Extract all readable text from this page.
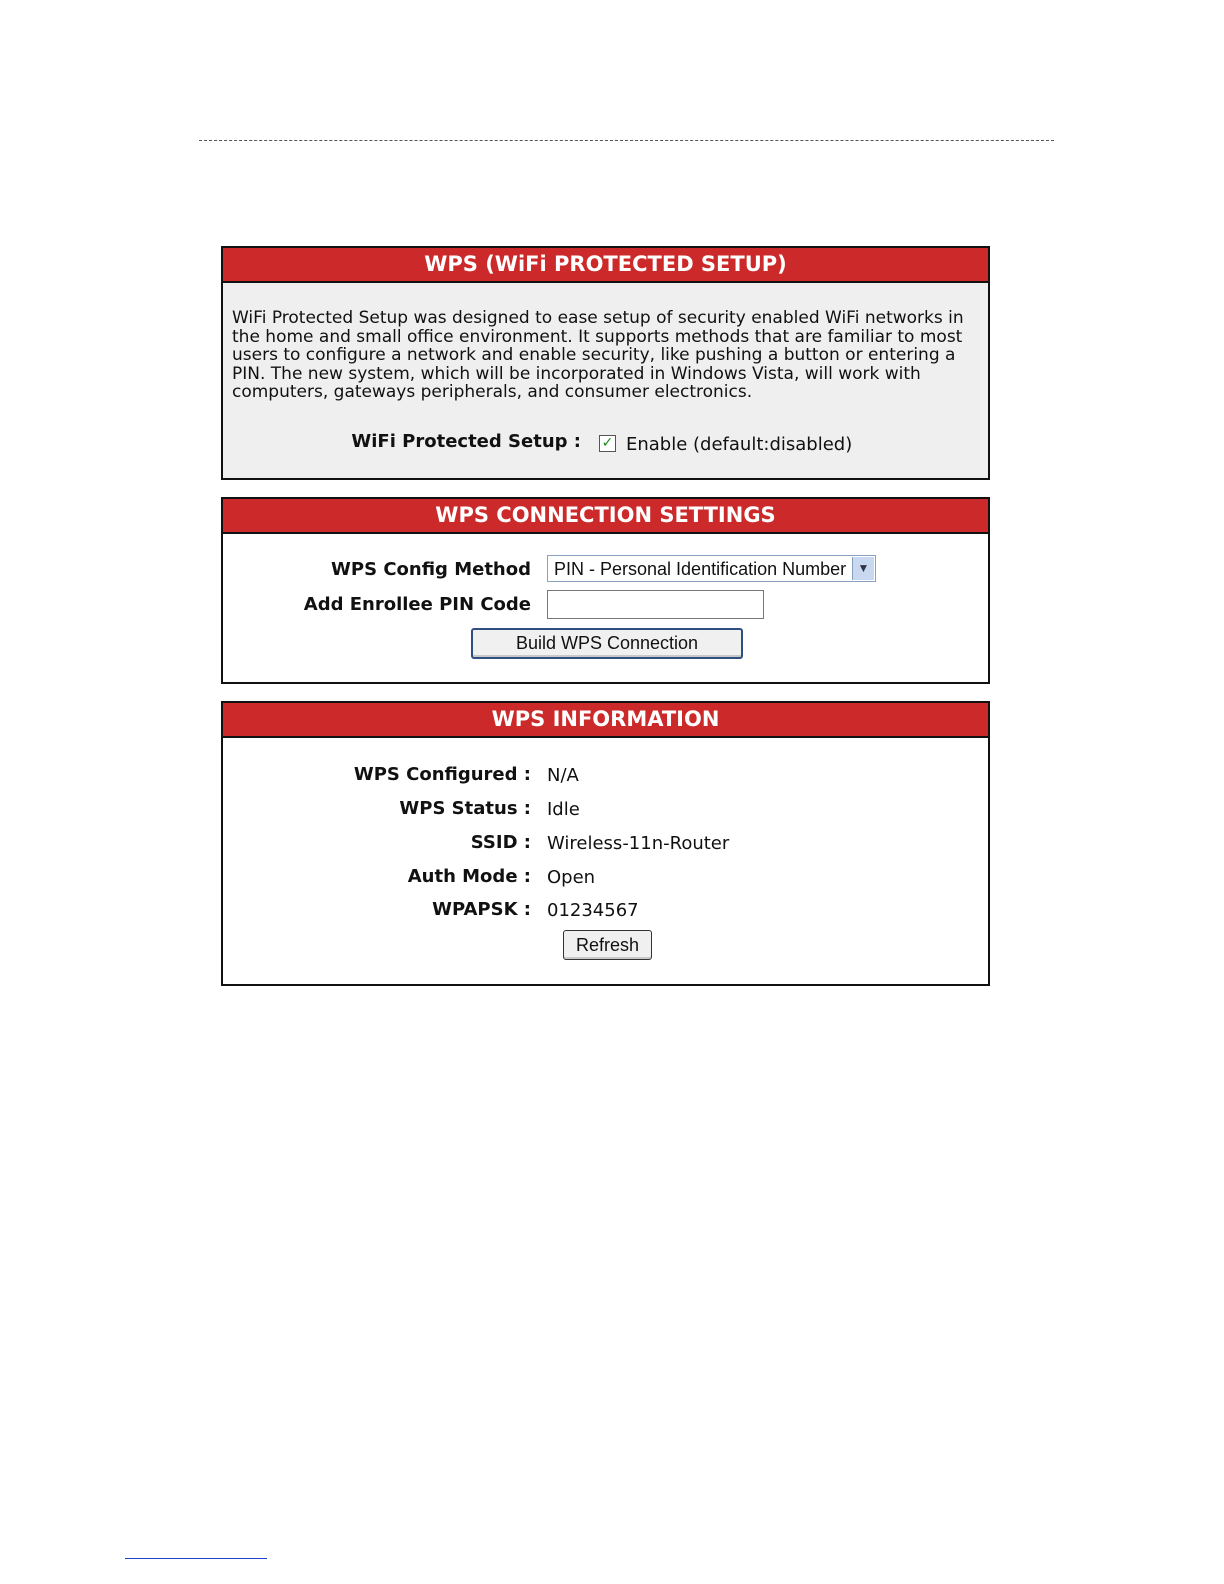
WPS (WiFi PROTECTED SETUP)

WiFi Protected Setup was designed to ease setup of security enabled WiFi networks in the home and small office environment. It supports methods that are familiar to most users to configure a network and enable security, like pushing a button or entering a PIN. The new system, which will be incorporated in Windows Vista, will work with computers, gateways peripherals, and consumer electronics.

WiFi Protected Setup : ✓ Enable (default:disabled)
WPS CONNECTION SETTINGS
WPS Config Method PIN - Personal Identification Number ▼
Add Enrollee PIN Code
Build WPS Connection
WPS INFORMATION
WPS Configured : N/A
WPS Status : Idle
SSID : Wireless-11n-Router
Auth Mode : Open
WPAPSK : 01234567
Refresh
